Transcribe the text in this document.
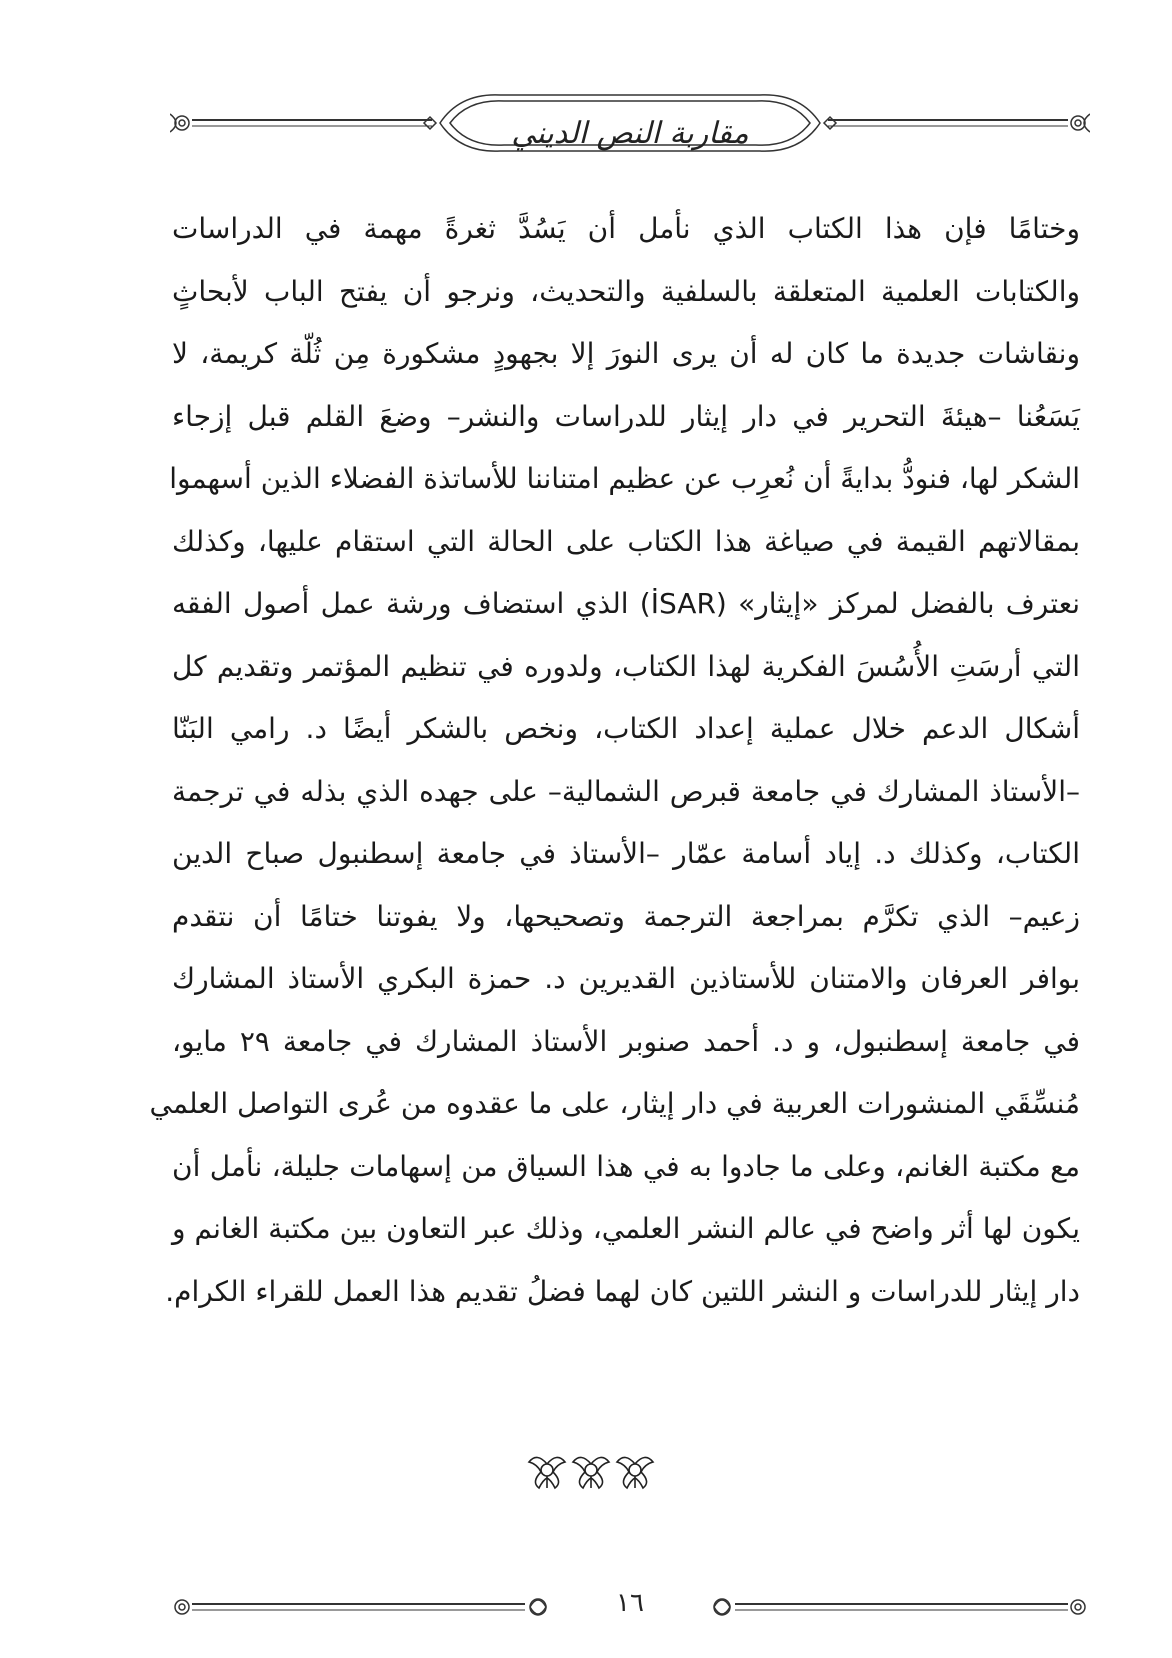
مقاربة النص الديني
وختامًا فإن هذا الكتاب الذي نأمل أن يَسُدَّ ثغرةً مهمة في الدراسات
والكتابات العلمية المتعلقة بالسلفية والتحديث، ونرجو أن يفتح الباب لأبحاثٍ
ونقاشات جديدة ما كان له أن يرى النورَ إلا بجهودٍ مشكورة مِن ثُلّة كريمة، لا
يَسَعُنا –هيئةَ التحرير في دار إيثار للدراسات والنشر– وضعَ القلم قبل إزجاء
الشكر لها، فنودُّ بدايةً أن نُعرِب عن عظيم امتناننا للأساتذة الفضلاء الذين أسهموا
بمقالاتهم القيمة في صياغة هذا الكتاب على الحالة التي استقام عليها، وكذلك
نعترف بالفضل لمركز «إيثار» (İSAR) الذي استضاف ورشة عمل أصول الفقه
التي أرسَتِ الأُسُسَ الفكرية لهذا الكتاب، ولدوره في تنظيم المؤتمر وتقديم كل
أشكال الدعم خلال عملية إعداد الكتاب، ونخص بالشكر أيضًا د. رامي البَنّا
–الأستاذ المشارك في جامعة قبرص الشمالية– على جهده الذي بذله في ترجمة
الكتاب، وكذلك د. إياد أسامة عمّار –الأستاذ في جامعة إسطنبول صباح الدين
زعيم– الذي تكرَّم بمراجعة الترجمة وتصحيحها، ولا يفوتنا ختامًا أن نتقدم
بوافر العرفان والامتنان للأستاذين القديرين د. حمزة البكري الأستاذ المشارك
في جامعة إسطنبول، و د. أحمد صنوبر الأستاذ المشارك في جامعة ٢٩ مايو،
مُنسِّقَي المنشورات العربية في دار إيثار، على ما عقدوه من عُرى التواصل العلمي
مع مكتبة الغانم، وعلى ما جادوا به في هذا السياق من إسهامات جليلة، نأمل أن
يكون لها أثر واضح في عالم النشر العلمي، وذلك عبر التعاون بين مكتبة الغانم و
دار إيثار للدراسات و النشر اللتين كان لهما فضلُ تقديم هذا العمل للقراء الكرام.
١٦
